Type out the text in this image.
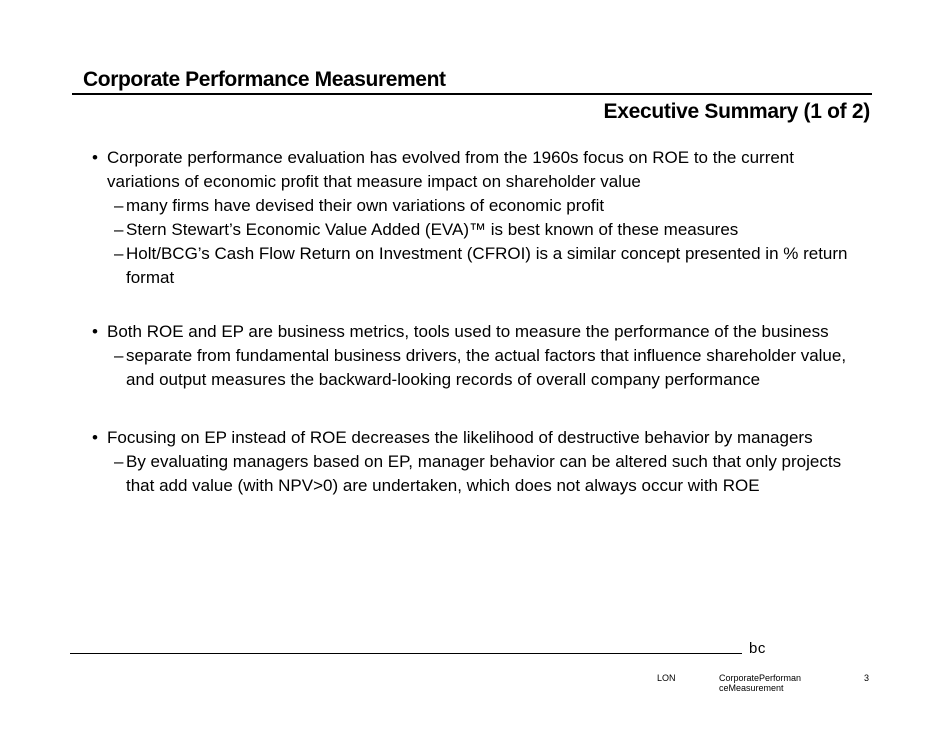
Corporate Performance Measurement
Executive Summary (1 of 2)
• Corporate performance evaluation has evolved from the 1960s focus on ROE to the current variations of economic profit that measure impact on shareholder value
– many firms have devised their own variations of economic profit
– Stern Stewart’s Economic Value Added (EVA)™ is best known of these measures
– Holt/BCG’s Cash Flow Return on Investment (CFROI) is a similar concept presented in % return format
• Both ROE and EP are business metrics, tools used to measure the performance of the business
– separate from fundamental business drivers, the actual factors that influence shareholder value, and output measures the backward-looking records of overall company performance
• Focusing on EP instead of ROE decreases the likelihood of destructive behavior by managers
– By evaluating managers based on EP, manager behavior can be altered such that only projects that add value (with NPV>0) are undertaken, which does not always occur with ROE
bc
LON	CorporatePerformanceMeasurement
3
